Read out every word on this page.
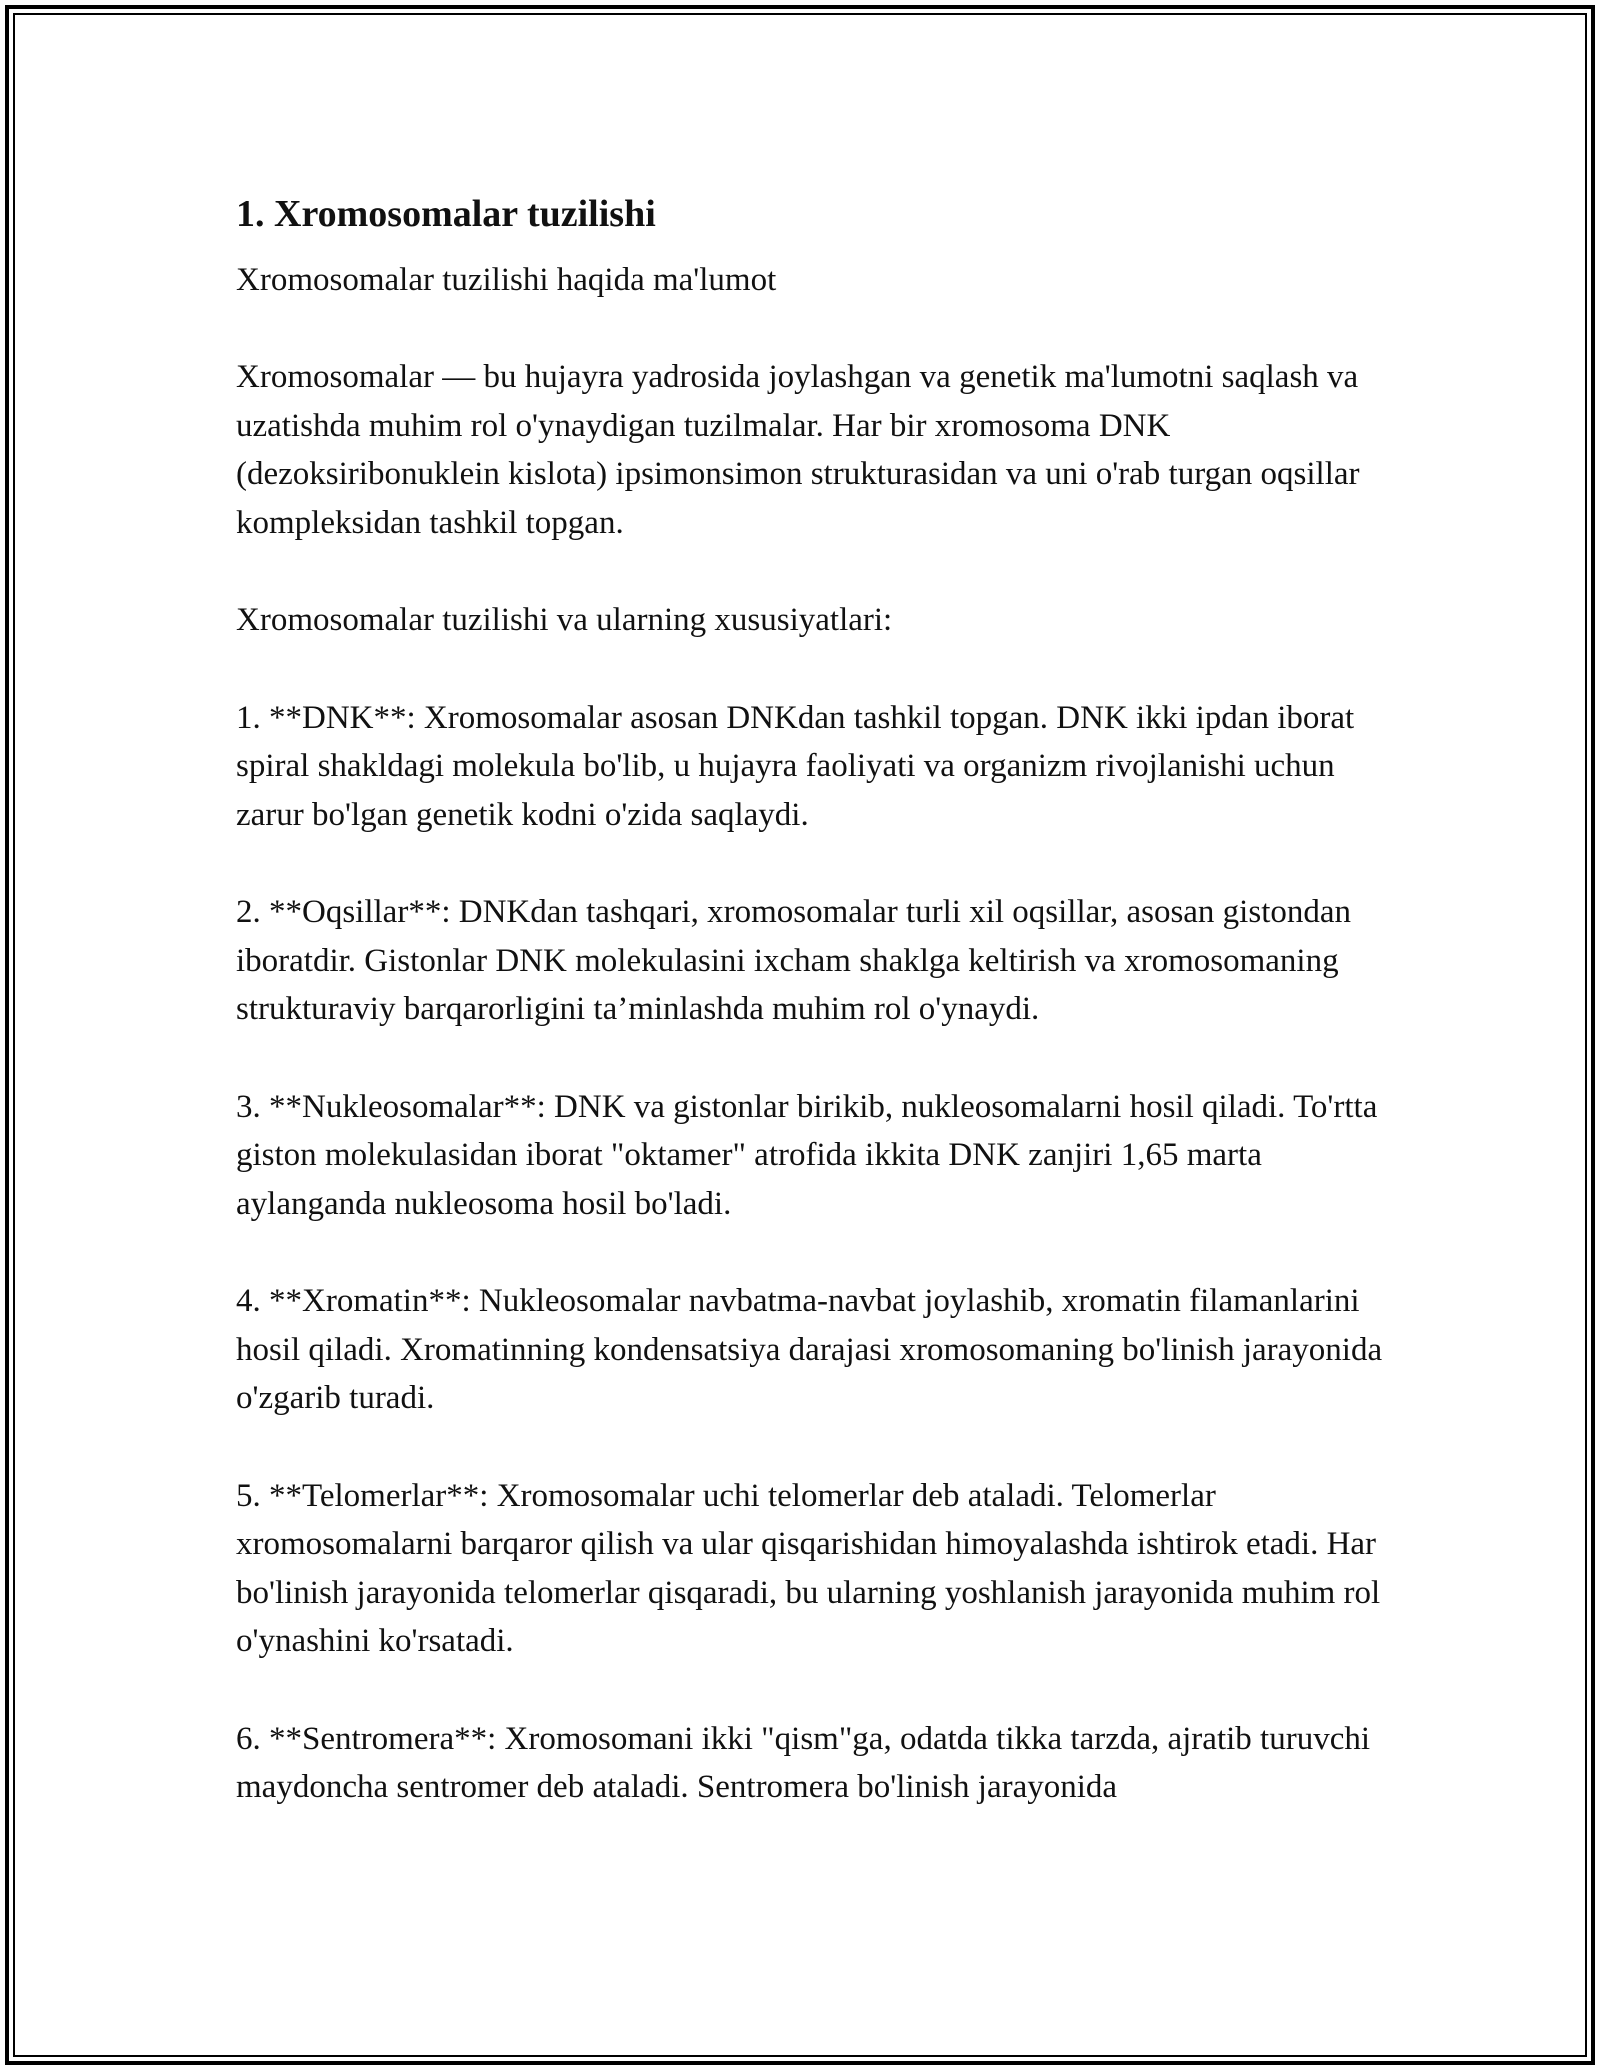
1. Xromosomalar tuzilishi

Xromosomalar tuzilishi haqida ma'lumot

Xromosomalar — bu hujayra yadrosida joylashgan va genetik ma'lumotni saqlash va uzatishda muhim rol o'ynaydigan tuzilmalar. Har bir xromosoma DNK (dezoksiribonuklein kislota) ipsimonsimon strukturasidan va uni o'rab turgan oqsillar kompleksidan tashkil topgan.

Xromosomalar tuzilishi va ularning xususiyatlari:

1. **DNK**: Xromosomalar asosan DNKdan tashkil topgan. DNK ikki ipdan iborat spiral shakldagi molekula bo'lib, u hujayra faoliyati va organizm rivojlanishi uchun zarur bo'lgan genetik kodni o'zida saqlaydi.

2. **Oqsillar**: DNKdan tashqari, xromosomalar turli xil oqsillar, asosan gistondan iboratdir. Gistonlar DNK molekulasini ixcham shaklga keltirish va xromosomaning strukturaviy barqarorligini ta’minlashda muhim rol o'ynaydi.

3. **Nukleosomalar**: DNK va gistonlar birikib, nukleosomalarni hosil qiladi. To'rtta giston molekulasidan iborat "oktamer" atrofida ikkita DNK zanjiri 1,65 marta aylanganda nukleosoma hosil bo'ladi.

4. **Xromatin**: Nukleosomalar navbatma-navbat joylashib, xromatin filamanlarini hosil qiladi. Xromatinning kondensatsiya darajasi xromosomaning bo'linish jarayonida o'zgarib turadi.

5. **Telomerlar**: Xromosomalar uchi telomerlar deb ataladi. Telomerlar xromosomalarni barqaror qilish va ular qisqarishidan himoyalashda ishtirok etadi. Har bo'linish jarayonida telomerlar qisqaradi, bu ularning yoshlanish jarayonida muhim rol o'ynashini ko'rsatadi.

6. **Sentromera**: Xromosomani ikki "qism"ga, odatda tikka tarzda, ajratib turuvchi maydoncha sentromer deb ataladi. Sentromera bo'linish jarayonida
